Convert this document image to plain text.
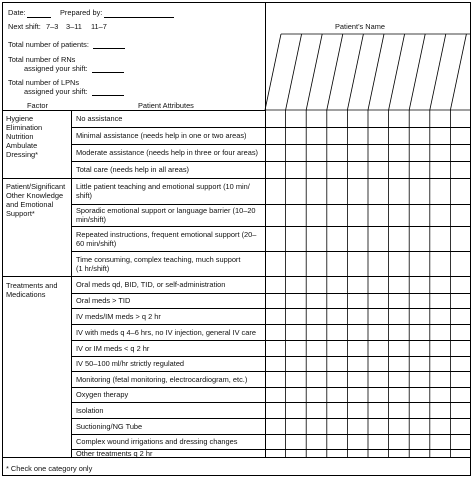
Date:	Prepared by:
Next shift: 7–3 3–11 11–7
Total number of patients:
Total number of RNs
assigned your shift:
Total number of LPNs
assigned your shift:
Patient’s Name
Factor	Patient Attributes
Hygiene
Elimination
Nutrition
Ambulate
Dressing*
No assistance
Minimal assistance (needs help in one or two areas)
Moderate assistance (needs help in three or four areas)
Total care (needs help in all areas)
Patient/Significant
Other Knowledge
and Emotional
Support*
Little patient teaching and emotional support (10 min/
shift)
Sporadic emotional support or language barrier (10–20
min/shift)
Repeated instructions, frequent emotional support (20–
60 min/shift)
Time consuming, complex teaching, much support
(1 hr/shift)
Treatments and
Medications
Oral meds qd, BID, TID, or self-administration
Oral meds > TID
IV meds/IM meds > q 2 hr
IV with meds q 4–6 hrs, no IV injection, general IV care
IV or IM meds < q 2 hr
IV 50–100 ml/hr strictly regulated
Monitoring (fetal monitoring, electrocardiogram, etc.)
Oxygen therapy
Isolation
Suctioning/NG Tube
Complex wound irrigations and dressing changes
Other treatments q 2 hr
* Check one category only
